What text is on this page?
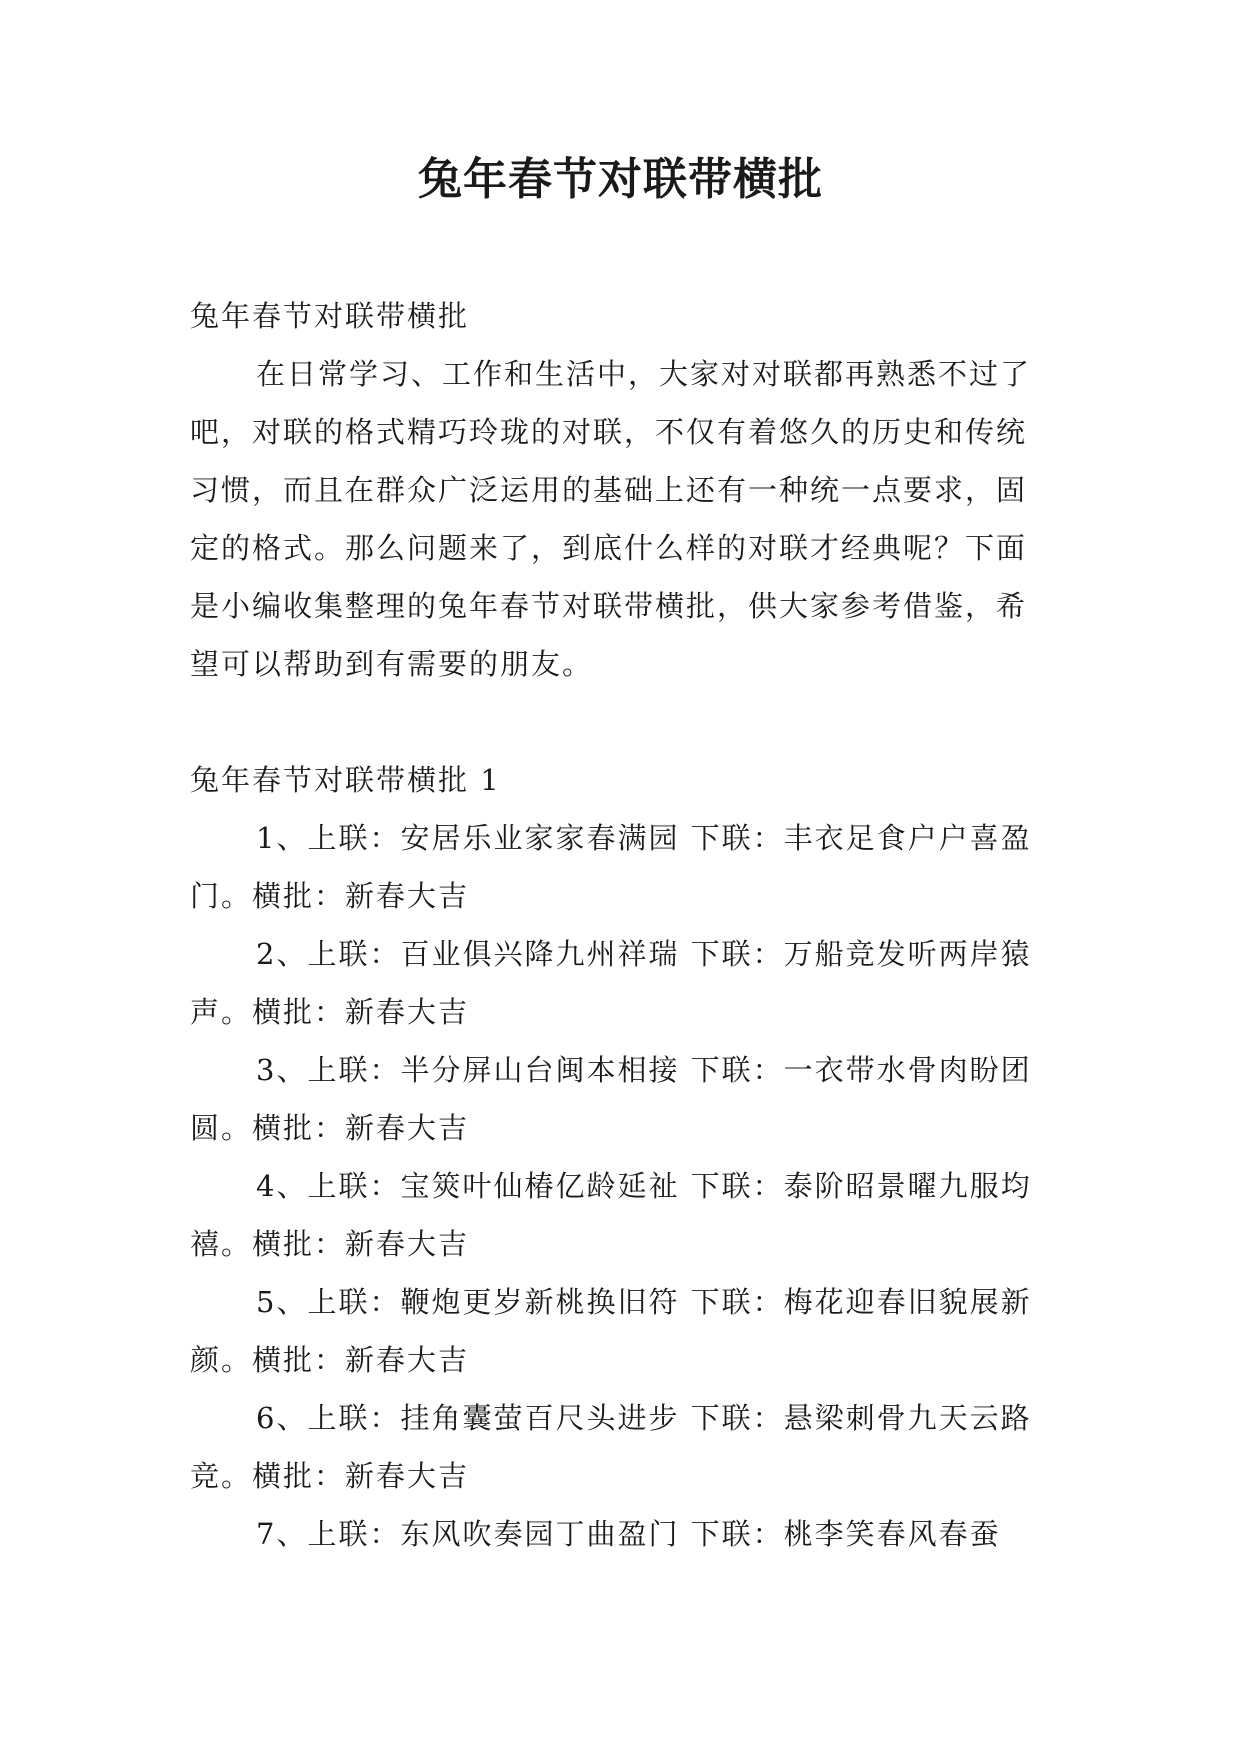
兔年春节对联带横批

兔年春节对联带横批

在日常学习、工作和生活中，大家对对联都再熟悉不过了吧，对联的格式精巧玲珑的对联，不仅有着悠久的历史和传统习惯，而且在群众广泛运用的基础上还有一种统一点要求，固定的格式。那么问题来了，到底什么样的对联才经典呢？下面是小编收集整理的兔年春节对联带横批，供大家参考借鉴，希望可以帮助到有需要的朋友。

兔年春节对联带横批 1

1、上联：安居乐业家家春满园 下联：丰衣足食户户喜盈门。横批：新春大吉

2、上联：百业俱兴降九州祥瑞 下联：万船竞发听两岸猿声。横批：新春大吉

3、上联：半分屏山台闽本相接 下联：一衣带水骨肉盼团圆。横批：新春大吉

4、上联：宝筴叶仙椿亿龄延祉 下联：泰阶昭景曜九服均禧。横批：新春大吉

5、上联：鞭炮更岁新桃换旧符 下联：梅花迎春旧貌展新颜。横批：新春大吉

6、上联：挂角囊萤百尺头进步 下联：悬梁刺骨九天云路竞。横批：新春大吉

7、上联：东风吹奏园丁曲盈门 下联：桃李笑春风春蚕
